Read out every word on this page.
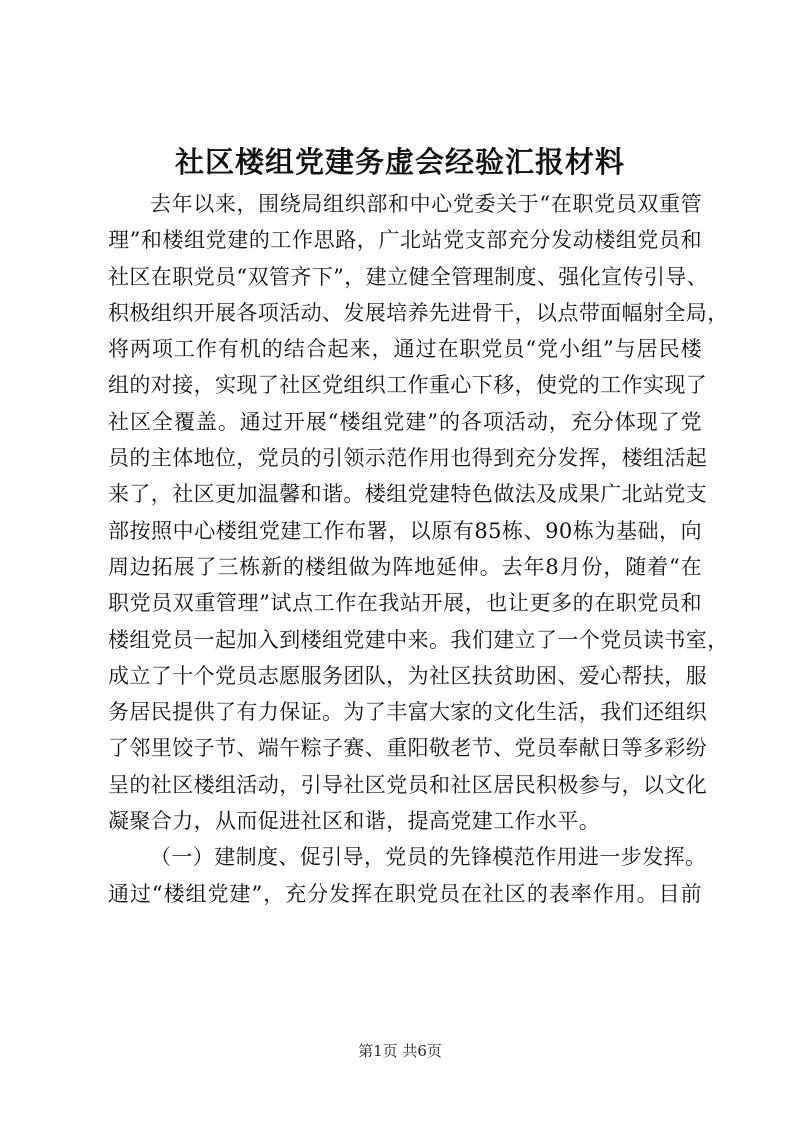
社区楼组党建务虚会经验汇报材料
去年以来，围绕局组织部和中心党委关于“在职党员双重管
理”和楼组党建的工作思路，广北站党支部充分发动楼组党员和
社区在职党员“双管齐下”，建立健全管理制度、强化宣传引导、
积极组织开展各项活动、发展培养先进骨干，以点带面幅射全局，
将两项工作有机的结合起来，通过在职党员“党小组”与居民楼
组的对接，实现了社区党组织工作重心下移，使党的工作实现了
社区全覆盖。通过开展“楼组党建”的各项活动，充分体现了党
员的主体地位，党员的引领示范作用也得到充分发挥，楼组活起
来了，社区更加温馨和谐。楼组党建特色做法及成果广北站党支
部按照中心楼组党建工作布署，以原有85栋、90栋为基础，向
周边拓展了三栋新的楼组做为阵地延伸。去年8月份，随着“在
职党员双重管理”试点工作在我站开展，也让更多的在职党员和
楼组党员一起加入到楼组党建中来。我们建立了一个党员读书室，
成立了十个党员志愿服务团队，为社区扶贫助困、爱心帮扶，服
务居民提供了有力保证。为了丰富大家的文化生活，我们还组织
了邻里饺子节、端午粽子赛、重阳敬老节、党员奉献日等多彩纷
呈的社区楼组活动，引导社区党员和社区居民积极参与，以文化
凝聚合力，从而促进社区和谐，提高党建工作水平。
（一）建制度、促引导，党员的先锋模范作用进一步发挥。
通过“楼组党建”，充分发挥在职党员在社区的表率作用。目前
第1页 共6页
